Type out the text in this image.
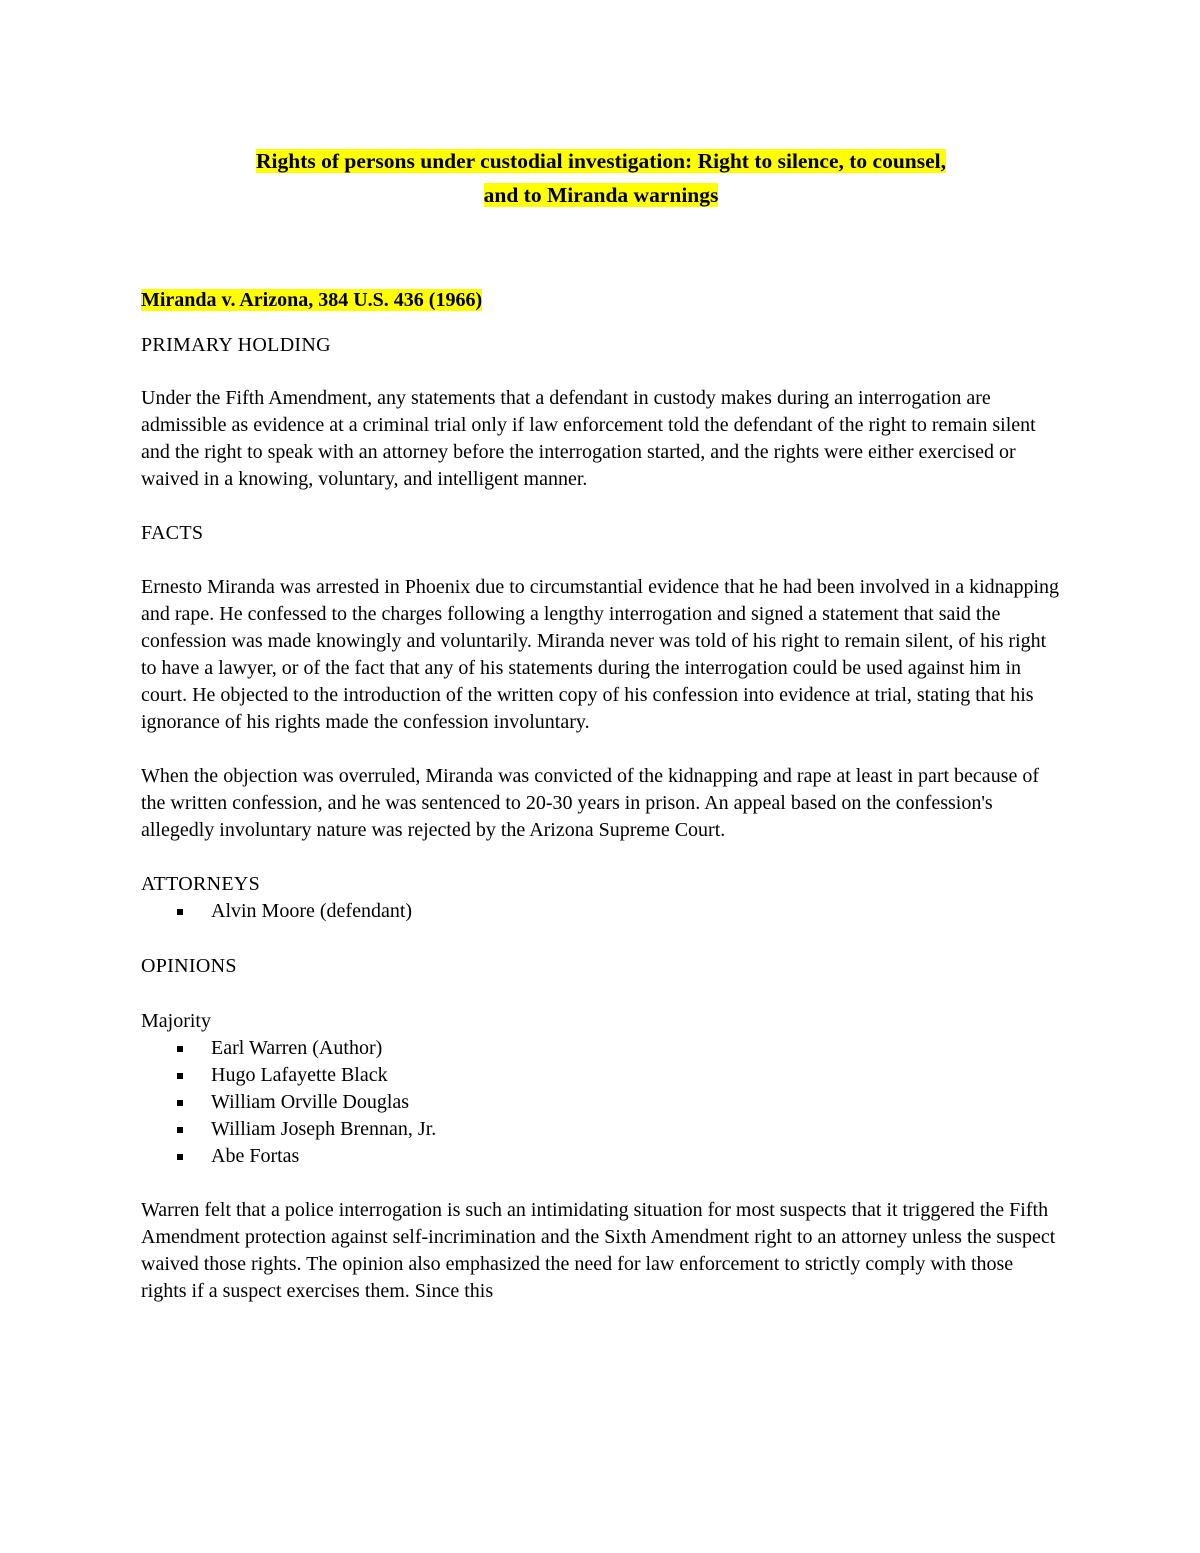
Rights of persons under custodial investigation: Right to silence, to counsel,
and to Miranda warnings

Miranda v. Arizona, 384 U.S. 436 (1966)

PRIMARY HOLDING

Under the Fifth Amendment, any statements that a defendant in custody makes during an interrogation are admissible as evidence at a criminal trial only if law enforcement told the defendant of the right to remain silent and the right to speak with an attorney before the interrogation started, and the rights were either exercised or waived in a knowing, voluntary, and intelligent manner.

FACTS

Ernesto Miranda was arrested in Phoenix due to circumstantial evidence that he had been involved in a kidnapping and rape. He confessed to the charges following a lengthy interrogation and signed a statement that said the confession was made knowingly and voluntarily. Miranda never was told of his right to remain silent, of his right to have a lawyer, or of the fact that any of his statements during the interrogation could be used against him in court. He objected to the introduction of the written copy of his confession into evidence at trial, stating that his ignorance of his rights made the confession involuntary.

When the objection was overruled, Miranda was convicted of the kidnapping and rape at least in part because of the written confession, and he was sentenced to 20-30 years in prison. An appeal based on the confession's allegedly involuntary nature was rejected by the Arizona Supreme Court.

ATTORNEYS

Alvin Moore (defendant)

OPINIONS

Majority

Earl Warren (Author)
Hugo Lafayette Black
William Orville Douglas
William Joseph Brennan, Jr.
Abe Fortas

Warren felt that a police interrogation is such an intimidating situation for most suspects that it triggered the Fifth Amendment protection against self-incrimination and the Sixth Amendment right to an attorney unless the suspect waived those rights. The opinion also emphasized the need for law enforcement to strictly comply with those rights if a suspect exercises them. Since this
